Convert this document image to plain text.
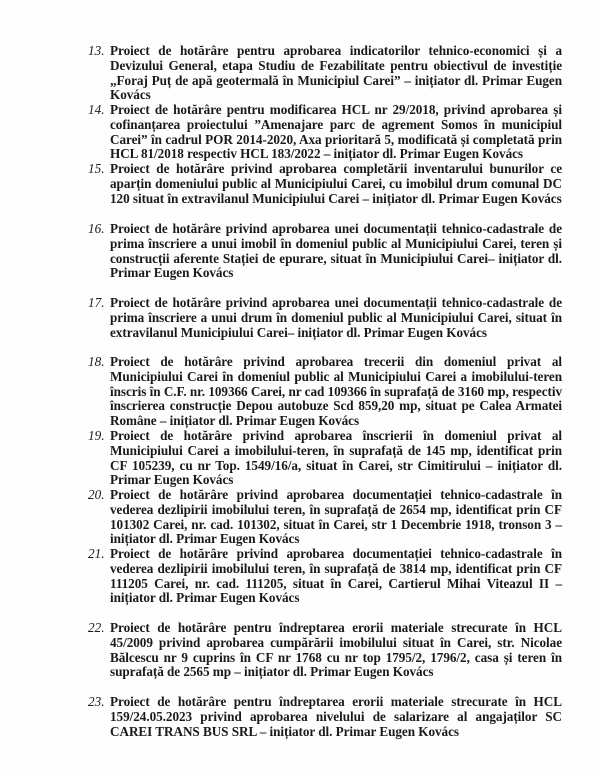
13. Proiect de hotărâre pentru aprobarea indicatorilor tehnico-economici și a Devizului General, etapa Studiu de Fezabilitate pentru obiectivul de investiție „Foraj Puț de apă geotermală în Municipiul Carei” – inițiator dl. Primar Eugen Kovács
14. Proiect de hotărâre pentru modificarea HCL nr 29/2018, privind aprobarea și cofinanțarea proiectului ”Amenajare parc de agrement Somos în municipiul Carei” în cadrul POR 2014-2020, Axa prioritară 5, modificată și completată prin HCL 81/2018 respectiv HCL 183/2022 – inițiator dl. Primar Eugen Kovács
15. Proiect de hotărâre privind aprobarea completării inventarului bunurilor ce aparțin domeniului public al Municipiului Carei, cu imobilul drum comunal DC 120 situat în extravilanul Municipiului Carei – inițiator dl. Primar Eugen Kovács
16. Proiect de hotărâre privind aprobarea unei documentații tehnico-cadastrale de prima înscriere a unui imobil în domeniul public al Municipiului Carei, teren și construcții aferente Stației de epurare, situat în Municipiului Carei– inițiator dl. Primar Eugen Kovács
17. Proiect de hotărâre privind aprobarea unei documentații tehnico-cadastrale de prima înscriere a unui drum în domeniul public al Municipiului Carei, situat în extravilanul Municipiului Carei– inițiator dl. Primar Eugen Kovács
18. Proiect de hotărâre privind aprobarea trecerii din domeniul privat al Municipiului Carei în domeniul public al Municipiului Carei a imobilului-teren înscris în C.F. nr. 109366 Carei, nr cad 109366 în suprafață de 3160 mp, respectiv înscrierea construcție Depou autobuze Scd 859,20 mp, situat pe Calea Armatei Române – inițiator dl. Primar Eugen Kovács
19. Proiect de hotărâre privind aprobarea înscrierii în domeniul privat al Municipiului Carei a imobilului-teren, în suprafață de 145 mp, identificat prin CF 105239, cu nr Top. 1549/16/a, situat în Carei, str Cimitirului – inițiator dl. Primar Eugen Kovács
20. Proiect de hotărâre privind aprobarea documentației tehnico-cadastrale în vederea dezlipirii imobilului teren, în suprafață de 2654 mp, identificat prin CF 101302 Carei, nr. cad. 101302, situat în Carei, str 1 Decembrie 1918, tronson 3 – inițiator dl. Primar Eugen Kovács
21. Proiect de hotărâre privind aprobarea documentației tehnico-cadastrale în vederea dezlipirii imobilului teren, în suprafață de 3814 mp, identificat prin CF 111205 Carei, nr. cad. 111205, situat în Carei, Cartierul Mihai Viteazul II – inițiator dl. Primar Eugen Kovács
22. Proiect de hotărâre pentru îndreptarea erorii materiale strecurate în HCL 45/2009 privind aprobarea cumpărării imobilului situat în Carei, str. Nicolae Bălcescu nr 9 cuprins în CF nr 1768 cu nr top 1795/2, 1796/2, casa și teren în suprafață de 2565 mp – inițiator dl. Primar Eugen Kovács
23. Proiect de hotărâre pentru îndreptarea erorii materiale strecurate în HCL 159/24.05.2023 privind aprobarea nivelului de salarizare al angajaților SC CAREI TRANS BUS SRL – inițiator dl. Primar Eugen Kovács
